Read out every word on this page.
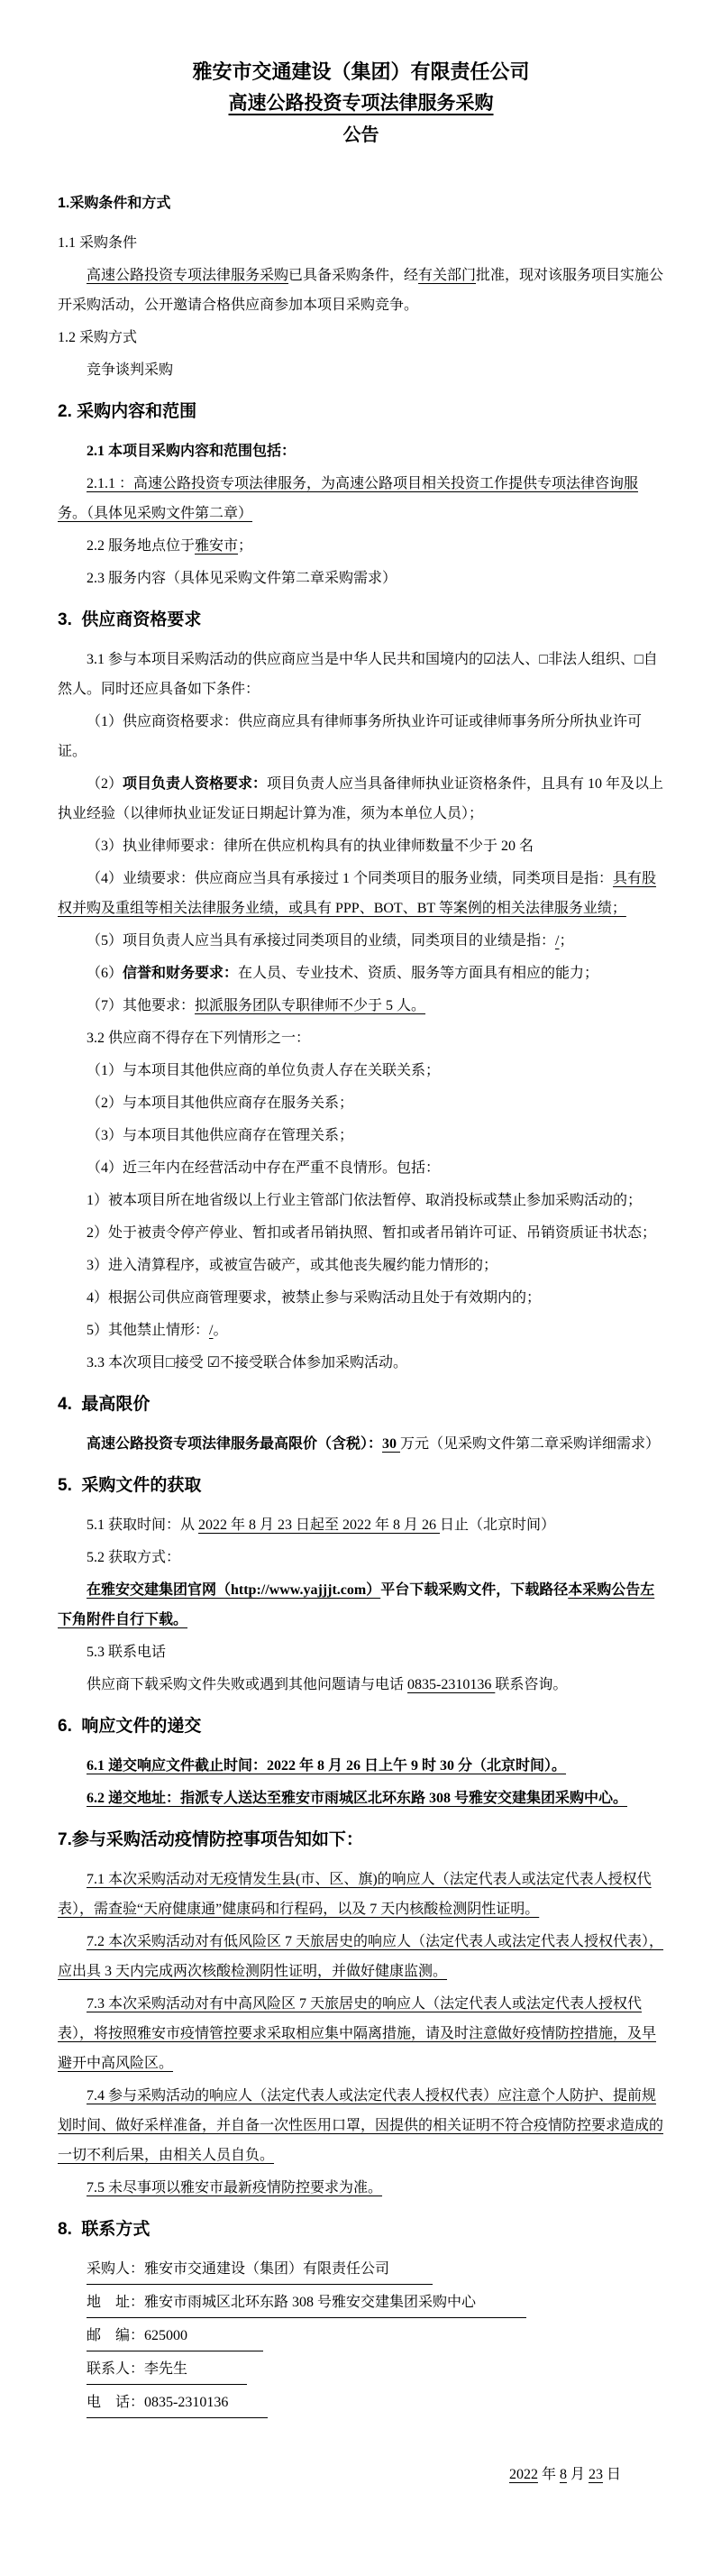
雅安市交通建设（集团）有限责任公司
高速公路投资专项法律服务采购
公告
1.采购条件和方式

1.1 采购条件

高速公路投资专项法律服务采购已具备采购条件，经有关部门批准，现对该服务项目实施公开采购活动，公开邀请合格供应商参加本项目采购竞争。

1.2 采购方式

竞争谈判采购

2. 采购内容和范围

2.1 本项目采购内容和范围包括：

2.1.1 ：高速公路投资专项法律服务，为高速公路项目相关投资工作提供专项法律咨询服务。（具体见采购文件第二章）

2.2 服务地点位于雅安市；

2.3 服务内容（具体见采购文件第二章采购需求）

3.  供应商资格要求

3.1 参与本项目采购活动的供应商应当是中华人民共和国境内的☑法人、□非法人组织、□自然人。同时还应具备如下条件：

（1）供应商资格要求：供应商应具有律师事务所执业许可证或律师事务所分所执业许可证。

（2）项目负责人资格要求：项目负责人应当具备律师执业证资格条件，且具有 10 年及以上执业经验（以律师执业证发证日期起计算为准，须为本单位人员）；

（3）执业律师要求：律所在供应机构具有的执业律师数量不少于 20 名

（4）业绩要求：供应商应当具有承接过 1 个同类项目的服务业绩，同类项目是指：具有股权并购及重组等相关法律服务业绩，或具有 PPP、BOT、BT 等案例的相关法律服务业绩；

（5）项目负责人应当具有承接过同类项目的业绩，同类项目的业绩是指：/；

（6）信誉和财务要求：在人员、专业技术、资质、服务等方面具有相应的能力；

（7）其他要求：拟派服务团队专职律师不少于 5 人。

3.2 供应商不得存在下列情形之一：

（1）与本项目其他供应商的单位负责人存在关联关系；

（2）与本项目其他供应商存在服务关系；

（3）与本项目其他供应商存在管理关系；

（4）近三年内在经营活动中存在严重不良情形。包括：

1）被本项目所在地省级以上行业主管部门依法暂停、取消投标或禁止参加采购活动的；

2）处于被责令停产停业、暂扣或者吊销执照、暂扣或者吊销许可证、吊销资质证书状态；

3）进入清算程序，或被宣告破产，或其他丧失履约能力情形的；

4）根据公司供应商管理要求，被禁止参与采购活动且处于有效期内的；

5）其他禁止情形：/。

3.3 本次项目□接受 ☑不接受联合体参加采购活动。

4.  最高限价

高速公路投资专项法律服务最高限价（含税）：30 万元（见采购文件第二章采购详细需求）

5.  采购文件的获取

5.1 获取时间：从 2022 年 8 月 23 日起至 2022 年 8 月 26 日止（北京时间）

5.2 获取方式：

在雅安交建集团官网（http://www.yajjjt.com）平台下载采购文件，下载路径本采购公告左下角附件自行下载。

5.3 联系电话

供应商下载采购文件失败或遇到其他问题请与电话 0835-2310136 联系咨询。

6.  响应文件的递交

6.1 递交响应文件截止时间：2022 年 8 月 26 日上午 9 时 30 分（北京时间）。

6.2 递交地址：指派专人送达至雅安市雨城区北环东路 308 号雅安交建集团采购中心。

7.参与采购活动疫情防控事项告知如下：

7.1 本次采购活动对无疫情发生县(市、区、旗)的响应人（法定代表人或法定代表人授权代表），需查验“天府健康通”健康码和行程码，以及 7 天内核酸检测阴性证明。

7.2 本次采购活动对有低风险区 7 天旅居史的响应人（法定代表人或法定代表人授权代表），应出具 3 天内完成两次核酸检测阴性证明，并做好健康监测。

7.3 本次采购活动对有中高风险区 7 天旅居史的响应人（法定代表人或法定代表人授权代表），将按照雅安市疫情管控要求采取相应集中隔离措施，请及时注意做好疫情防控措施，及早避开中高风险区。

7.4 参与采购活动的响应人（法定代表人或法定代表人授权代表）应注意个人防护、提前规划时间、做好采样准备，并自备一次性医用口罩，因提供的相关证明不符合疫情防控要求造成的一切不利后果，由相关人员自负。

7.5 未尽事项以雅安市最新疫情防控要求为准。

8.  联系方式

采购人：雅安市交通建设（集团）有限责任公司

地　址：雅安市雨城区北环东路 308 号雅安交建集团采购中心

邮　编：625000

联系人：李先生

电　话：0835-2310136

2022 年 8 月 23 日
